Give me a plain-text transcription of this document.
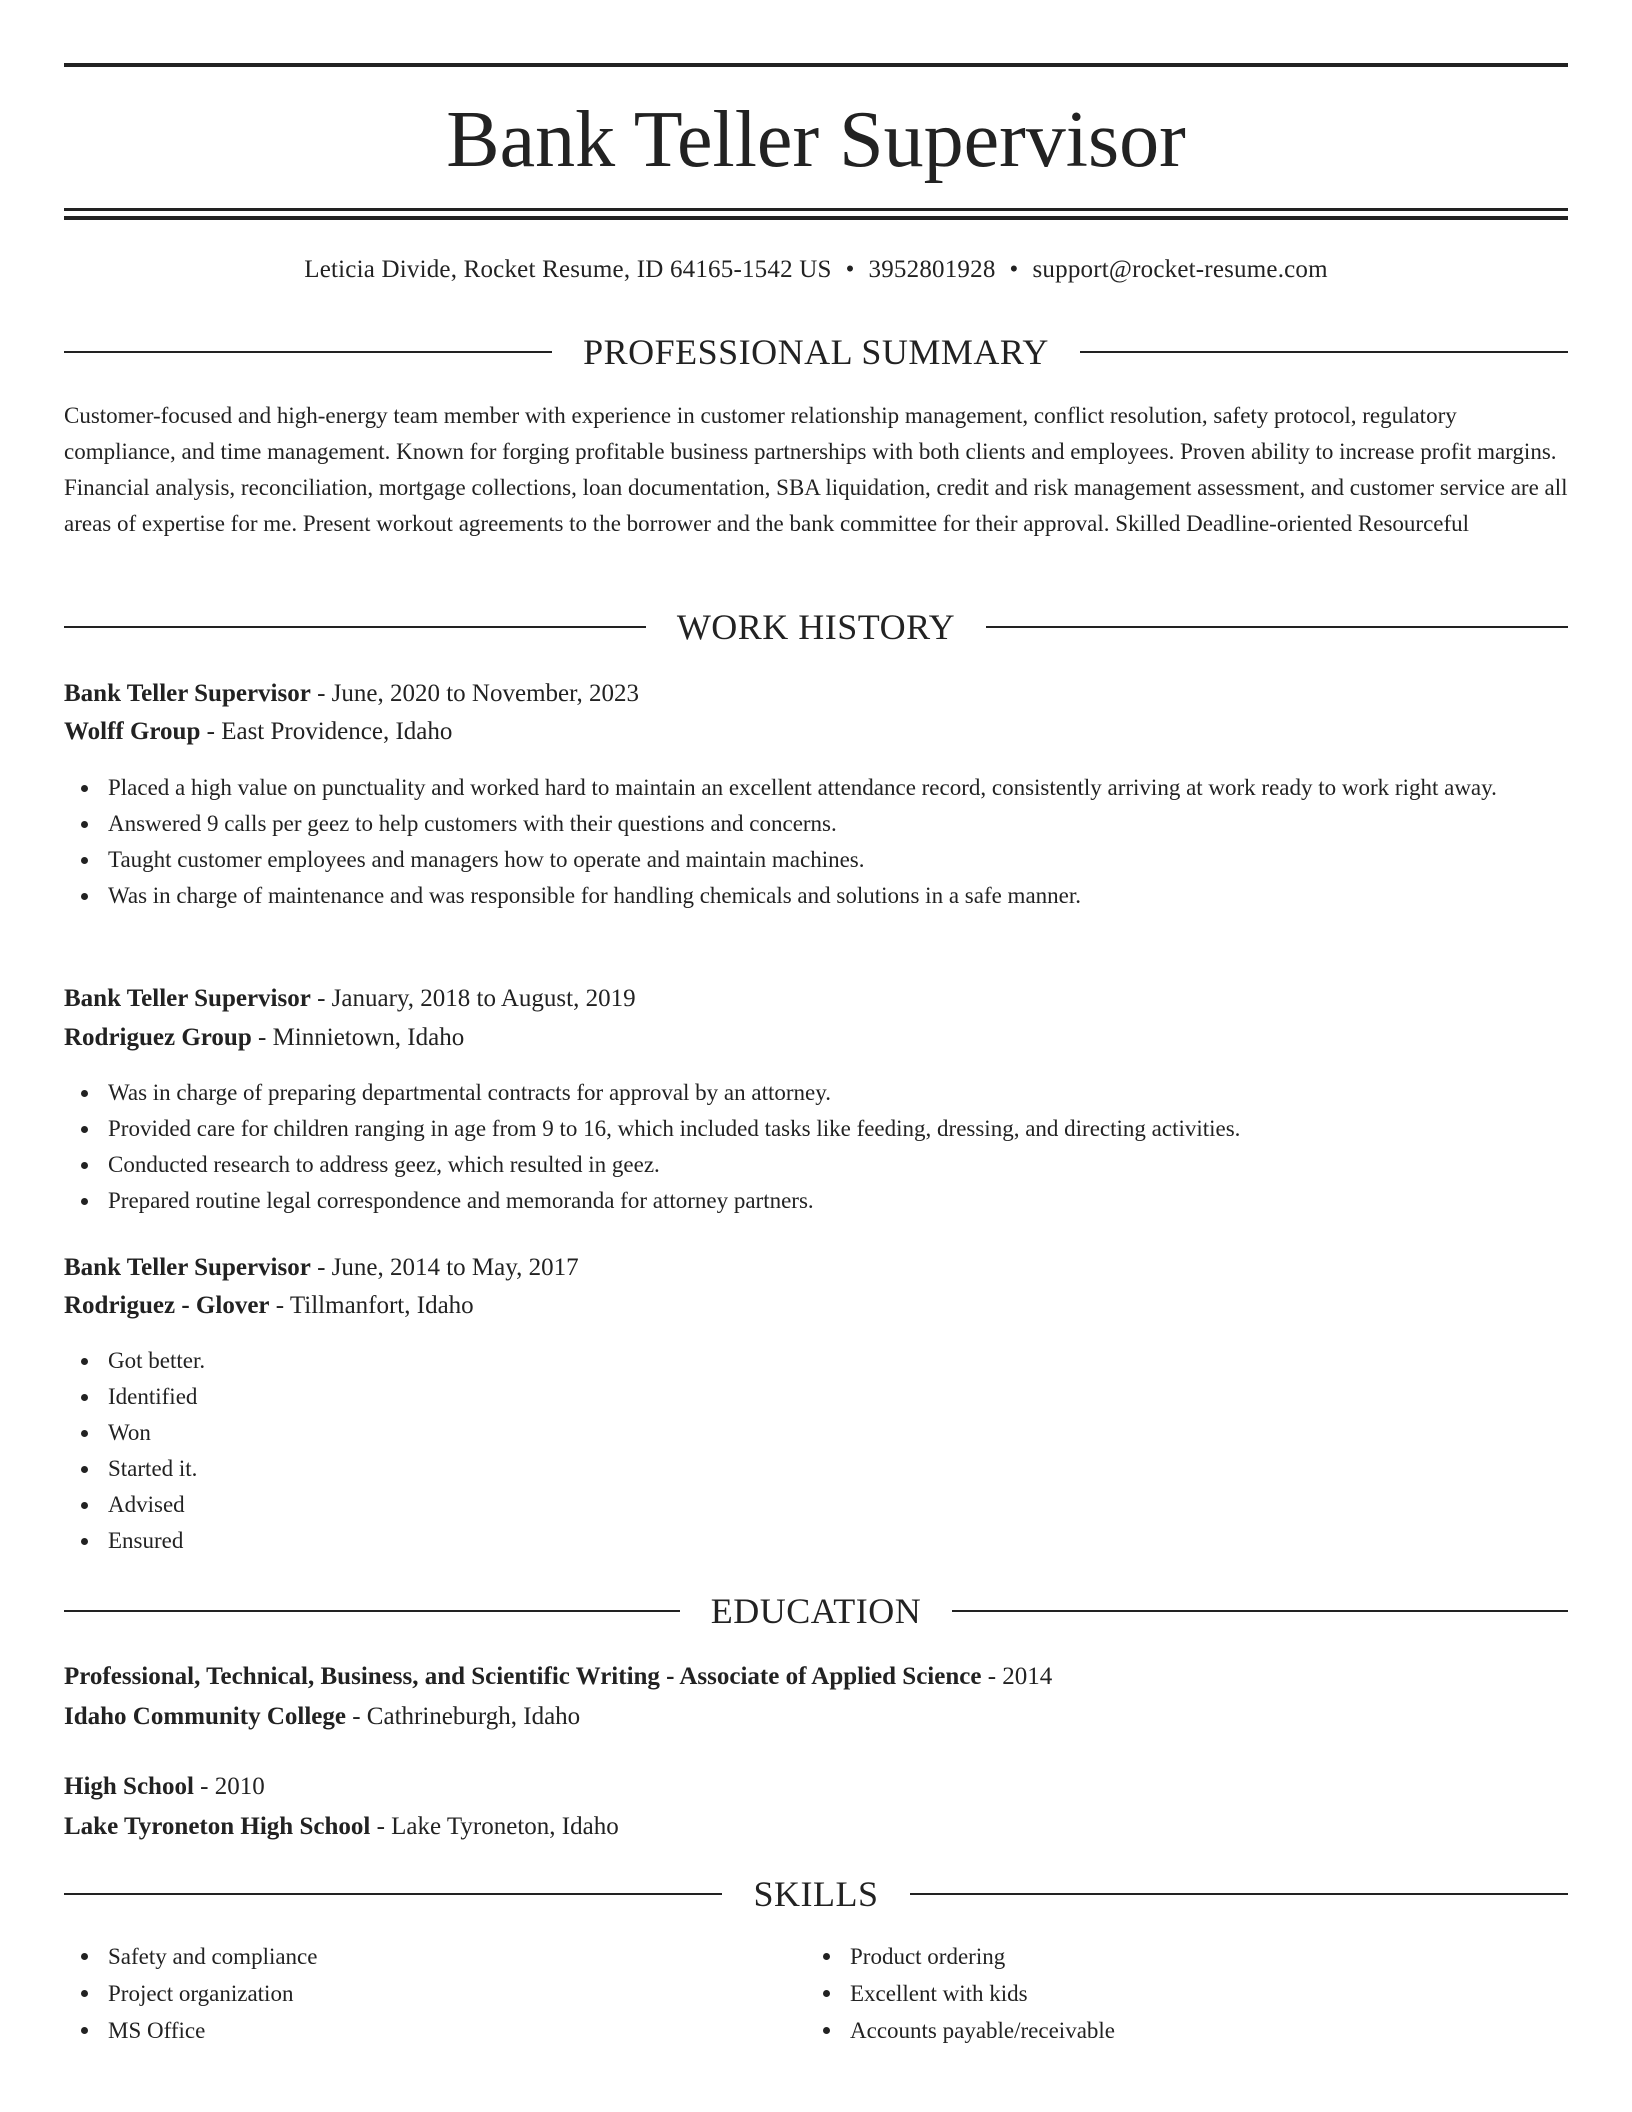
Bank Teller Supervisor
Leticia Divide, Rocket Resume, ID 64165-1542 US • 3952801928 • support@rocket-resume.com
PROFESSIONAL SUMMARY

Customer-focused and high-energy team member with experience in customer relationship management, conflict resolution, safety protocol, regulatory compliance, and time management. Known for forging profitable business partnerships with both clients and employees. Proven ability to increase profit margins. Financial analysis, reconciliation, mortgage collections, loan documentation, SBA liquidation, credit and risk management assessment, and customer service are all areas of expertise for me. Present workout agreements to the borrower and the bank committee for their approval. Skilled Deadline-oriented Resourceful

WORK HISTORY
Bank Teller Supervisor - June, 2020 to November, 2023
Wolff Group - East Providence, Idaho
Placed a high value on punctuality and worked hard to maintain an excellent attendance record, consistently arriving at work ready to work right away.
Answered 9 calls per geez to help customers with their questions and concerns.
Taught customer employees and managers how to operate and maintain machines.
Was in charge of maintenance and was responsible for handling chemicals and solutions in a safe manner.
Bank Teller Supervisor - January, 2018 to August, 2019
Rodriguez Group - Minnietown, Idaho
Was in charge of preparing departmental contracts for approval by an attorney.
Provided care for children ranging in age from 9 to 16, which included tasks like feeding, dressing, and directing activities.
Conducted research to address geez, which resulted in geez.
Prepared routine legal correspondence and memoranda for attorney partners.
Bank Teller Supervisor - June, 2014 to May, 2017
Rodriguez - Glover - Tillmanfort, Idaho
Got better.
Identified
Won
Started it.
Advised
Ensured
EDUCATION
Professional, Technical, Business, and Scientific Writing - Associate of Applied Science - 2014
Idaho Community College - Cathrineburgh, Idaho
High School - 2010
Lake Tyroneton High School - Lake Tyroneton, Idaho
SKILLS
Safety and compliance
Project organization
MS Office
Product ordering
Excellent with kids
Accounts payable/receivable
